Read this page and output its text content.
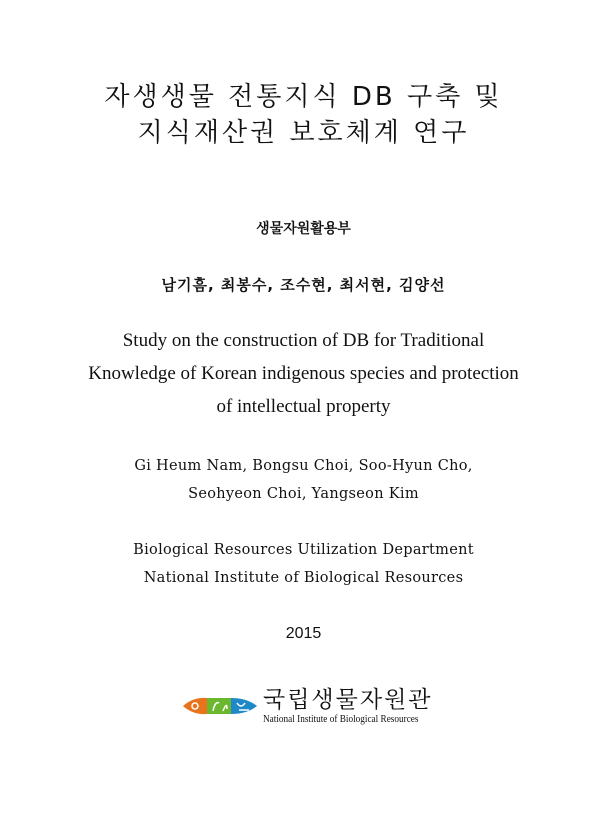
자생생물 전통지식 DB 구축 및
지식재산권 보호체계 연구
생물자원활용부
남기흠, 최봉수, 조수현, 최서현, 김양선
Study on the construction of DB for Traditional
Knowledge of Korean indigenous species and protection
of intellectual property
Gi Heum Nam, Bongsu Choi, Soo-Hyun Cho,
Seohyeon Choi, Yangseon Kim
Biological Resources Utilization Department
National Institute of Biological Resources
2015
국립생물자원관
National Institute of Biological Resources
